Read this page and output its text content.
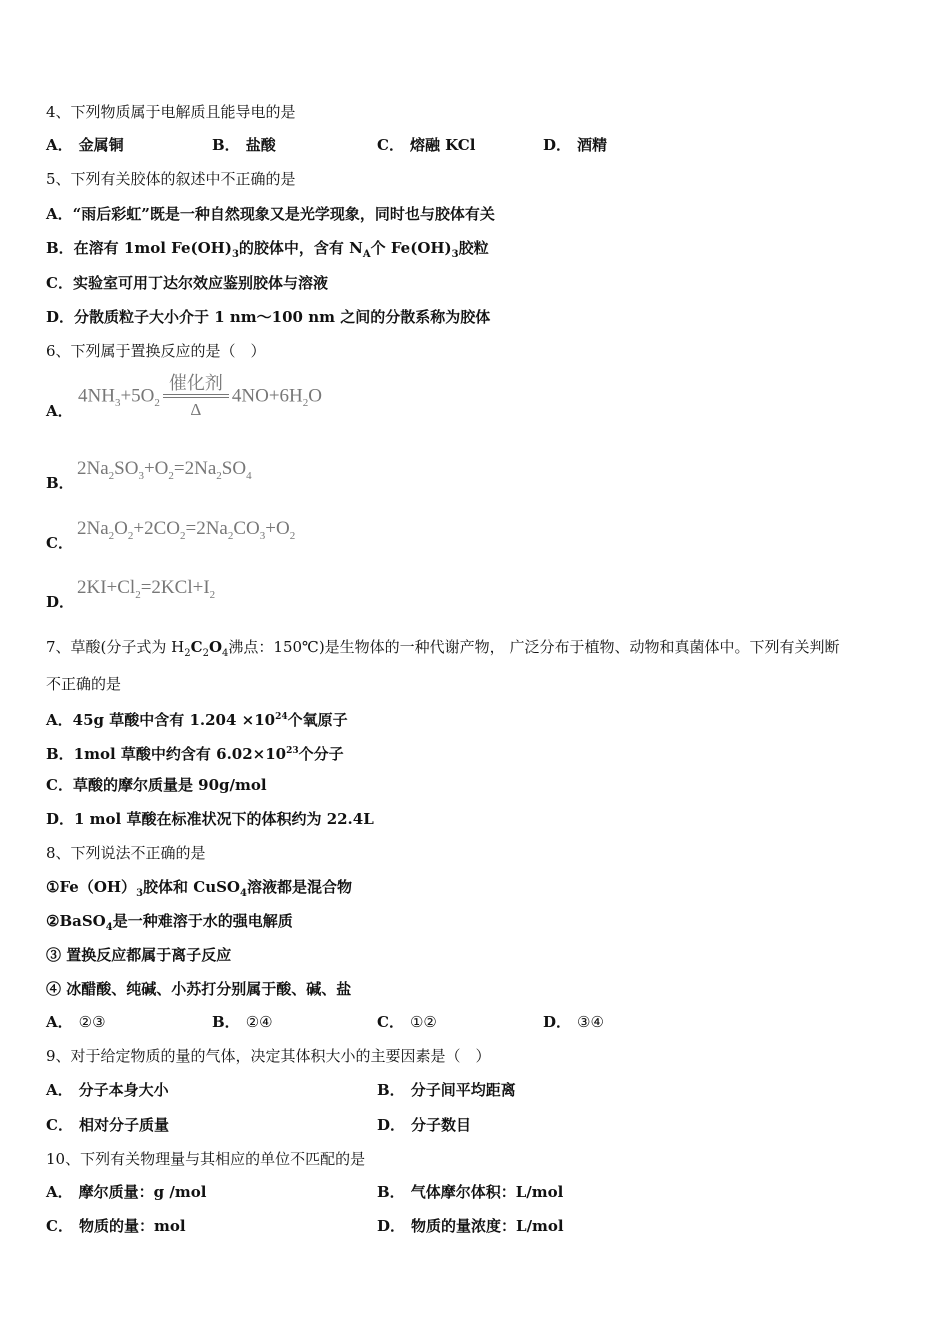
4、下列物质属于电解质且能导电的是
A． 金属铜	B． 盐酸	C． 熔融 KCl	D． 酒精
5、下列有关胶体的叙述中不正确的是
A．“雨后彩虹”既是一种自然现象又是光学现象，同时也与胶体有关
B．在溶有 1mol $Fe(OH)_3$的胶体中，含有 $N_A$个 $Fe(OH)_3$胶粒
C．实验室可用丁达尔效应鉴别胶体与溶液
D．分散质粒子大小介于 1 nm～100 nm 之间的分散系称为胶体
6、下列属于置换反应的是（　）
A．
$4NH_3+5O_2 \frac{\text{催化剂}}{\Delta} 4NO+6H_2O$
B．
$2Na_2SO_3+O_2=2Na_2SO_4$
C．
$2Na_2O_2+2CO_2=2Na_2CO_3+O_2$
D．
$2KI+Cl_2=2KCl+I_2$
7、草酸(分子式为 $H_2C_2O_4$沸点：150℃)是生物体的一种代谢产物， 广泛分布于植物、动物和真菌体中。下列有关判断
不正确的是
A．45g 草酸中含有 $1.204 \times 10^{24}$个氧原子
B．1mol 草酸中约含有 $6.02\times 10^{23}$个分子
C．草酸的摩尔质量是 90g/mol
D．1 mol 草酸在标准状况下的体积约为 22.4L
8、下列说法不正确的是
$①Fe(OH)_3$胶体和 CuSO$_4$溶液都是混合物
②BaSO$_4$是一种难溶于水的强电解质
③ 置换反应都属于离子反应
④ 冰醋酸、纯碱、小苏打分别属于酸、碱、盐
A． ②③	B． ②④	C． ①②	D． ③④
9、对于给定物质的量的气体，决定其体积大小的主要因素是（　）
A． 分子本身大小	B． 分子间平均距离
C． 相对分子质量	D． 分子数目
10、下列有关物理量与其相应的单位不匹配的是
A． 摩尔质量：g /mol	B． 气体摩尔体积：L/mol
C． 物质的量：mol	D． 物质的量浓度：L/mol
